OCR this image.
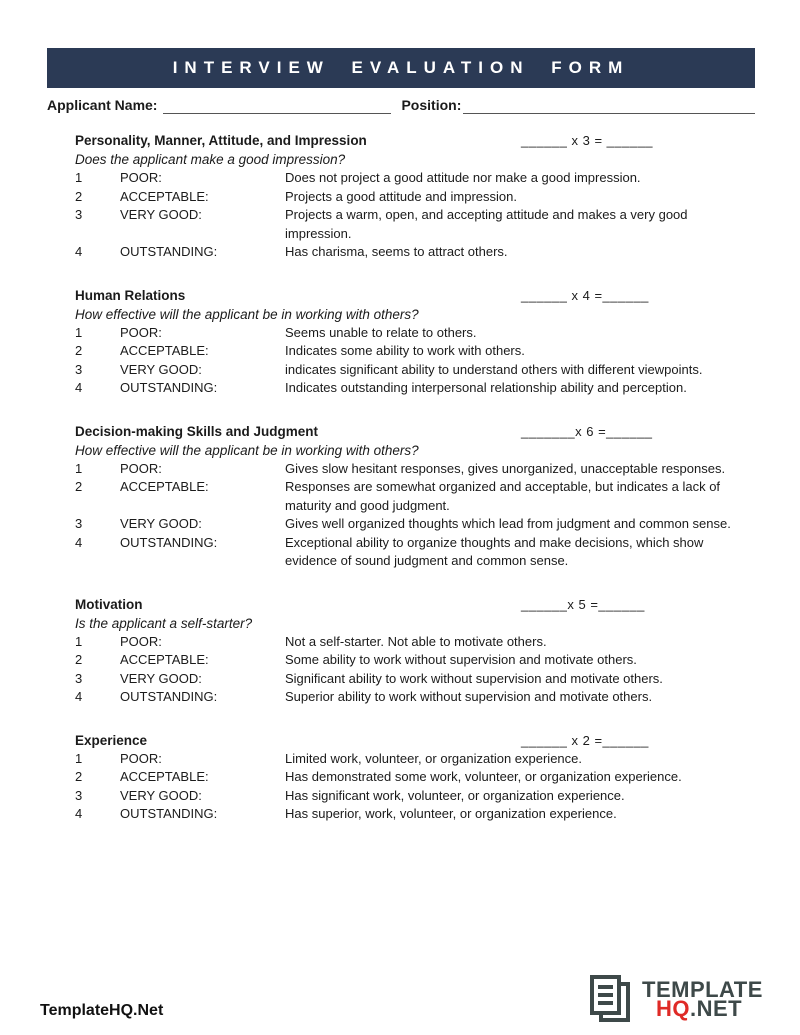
INTERVIEW EVALUATION FORM
Applicant Name:	Position:
Personality, Manner, Attitude, and Impression	______ x 3 = ______
Does the applicant make a good impression?
1	POOR:	Does not project a good attitude nor make a good impression.
2	ACCEPTABLE:	Projects a good attitude and impression.
3	VERY GOOD:	Projects a warm, open, and accepting attitude and makes a very good impression.
4	OUTSTANDING:	Has charisma, seems to attract others.
Human Relations	______ x 4 =______
How effective will the applicant be in working with others?
1	POOR:	Seems unable to relate to others.
2	ACCEPTABLE:	Indicates some ability to work with others.
3	VERY GOOD:	indicates significant ability to understand others with different viewpoints.
4	OUTSTANDING:	Indicates outstanding interpersonal relationship ability and perception.
Decision-making Skills and Judgment	_______x 6 =______
How effective will the applicant be in working with others?
1	POOR:	Gives slow hesitant responses, gives unorganized, unacceptable responses.
2	ACCEPTABLE:	Responses are somewhat organized and acceptable, but indicates a lack of maturity and good judgment.
3	VERY GOOD:	Gives well organized thoughts which lead from judgment and common sense.
4	OUTSTANDING:	Exceptional ability to organize thoughts and make decisions, which show evidence of sound judgment and common sense.
Motivation	______x 5 =______
Is the applicant a self-starter?
1	POOR:	Not a self-starter. Not able to motivate others.
2	ACCEPTABLE:	Some ability to work without supervision and motivate others.
3	VERY GOOD:	Significant ability to work without supervision and motivate others.
4	OUTSTANDING:	Superior ability to work without supervision and motivate others.
Experience	______ x 2 =______
1	POOR:	Limited work, volunteer, or organization experience.
2	ACCEPTABLE:	Has demonstrated some work, volunteer, or organization experience.
3	VERY GOOD:	Has significant work, volunteer, or organization experience.
4	OUTSTANDING:	Has superior, work, volunteer, or organization experience.
TemplateHQ.Net
TEMPLATE
HQ.NET
